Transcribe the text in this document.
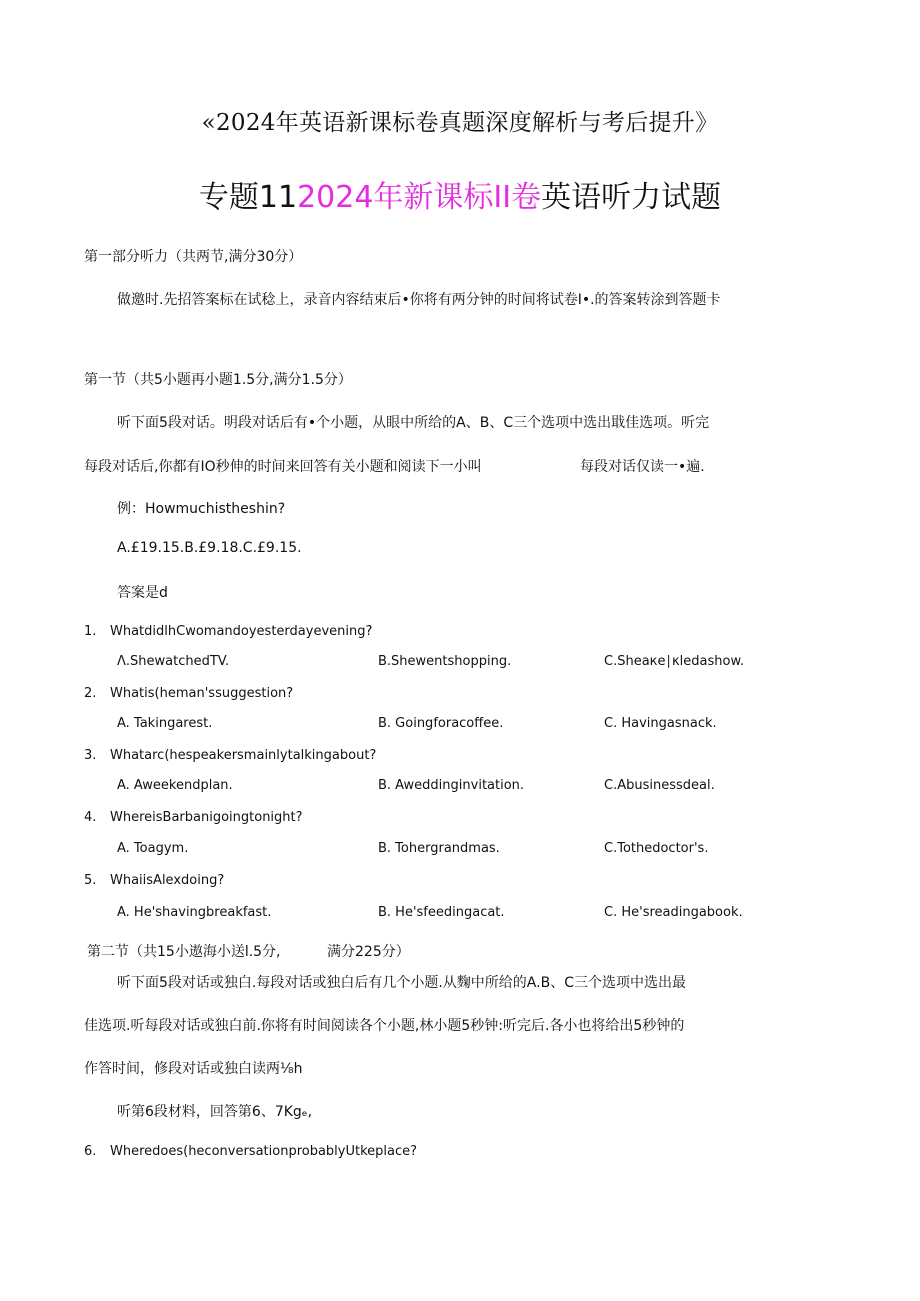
«2024年英语新课标卷真题深度解析与考后提升》
专题112024年新课标II卷英语听力试题
第一部分听力（共两节,满分30分）
做邀时.先招答案标在试稔上，录音内容结束后•你将有两分钟的时间将试卷I•.的答案转涂到答题卡
第一节（共5小题再小题1.5分,满分1.5分）
听下面5段对话。明段对话后有•个小题，从眼中所给的A、B、C三个选项中选出戢佳选项。听完
每段对话后,你都有IO秒伸的时间来回答有关小题和阅读下一小叫	每段对话仅读一•遍.
例：Howmuchistheshin?
A.£19.15.B.£9.18.C.£9.15.
答案是d
1. WhatdidlhCwomandoyesterdayevening?
Λ.ShewatchedTV.	B.Shewentshopping.	C.Sheaкe∣κledashow.
2. Whatis(heman'ssuggestion?
A. Takingarest.	B. Goingforacoffee.	C. Havingasnack.
3. Whatarc(hespeakersmainlytalkingabout?
A. Aweekendplan.	B. Aweddinginvitation.	C.Abusinessdeal.
4. WhereisBarbanigoingtonight?
A. Toagym.	B. Tohergrandmas.	C.Tothedoctor's.
5. WhaiisAlexdoing?
A. He'shavingbreakfast.	B. He'sfeedingacat.	C. He'sreadingabook.
第二节（共15小遨海小送l.5分,	满分225分）
听下面5段对话或独白.每段对话或独白后有几个小题.从麴中所给的A.B、C三个选项中选出最
佳选项.听每段对话或独白前.你将有时间阅读各个小题,林小题5秒钟:听完后.各小也将给出5秒钟的
作答时间，修段对话或独白读两⅛h
听第6段材料，回答第6、7Kgₑ,
6. Wheredoes(heconversationprobablyUtkeplace?
